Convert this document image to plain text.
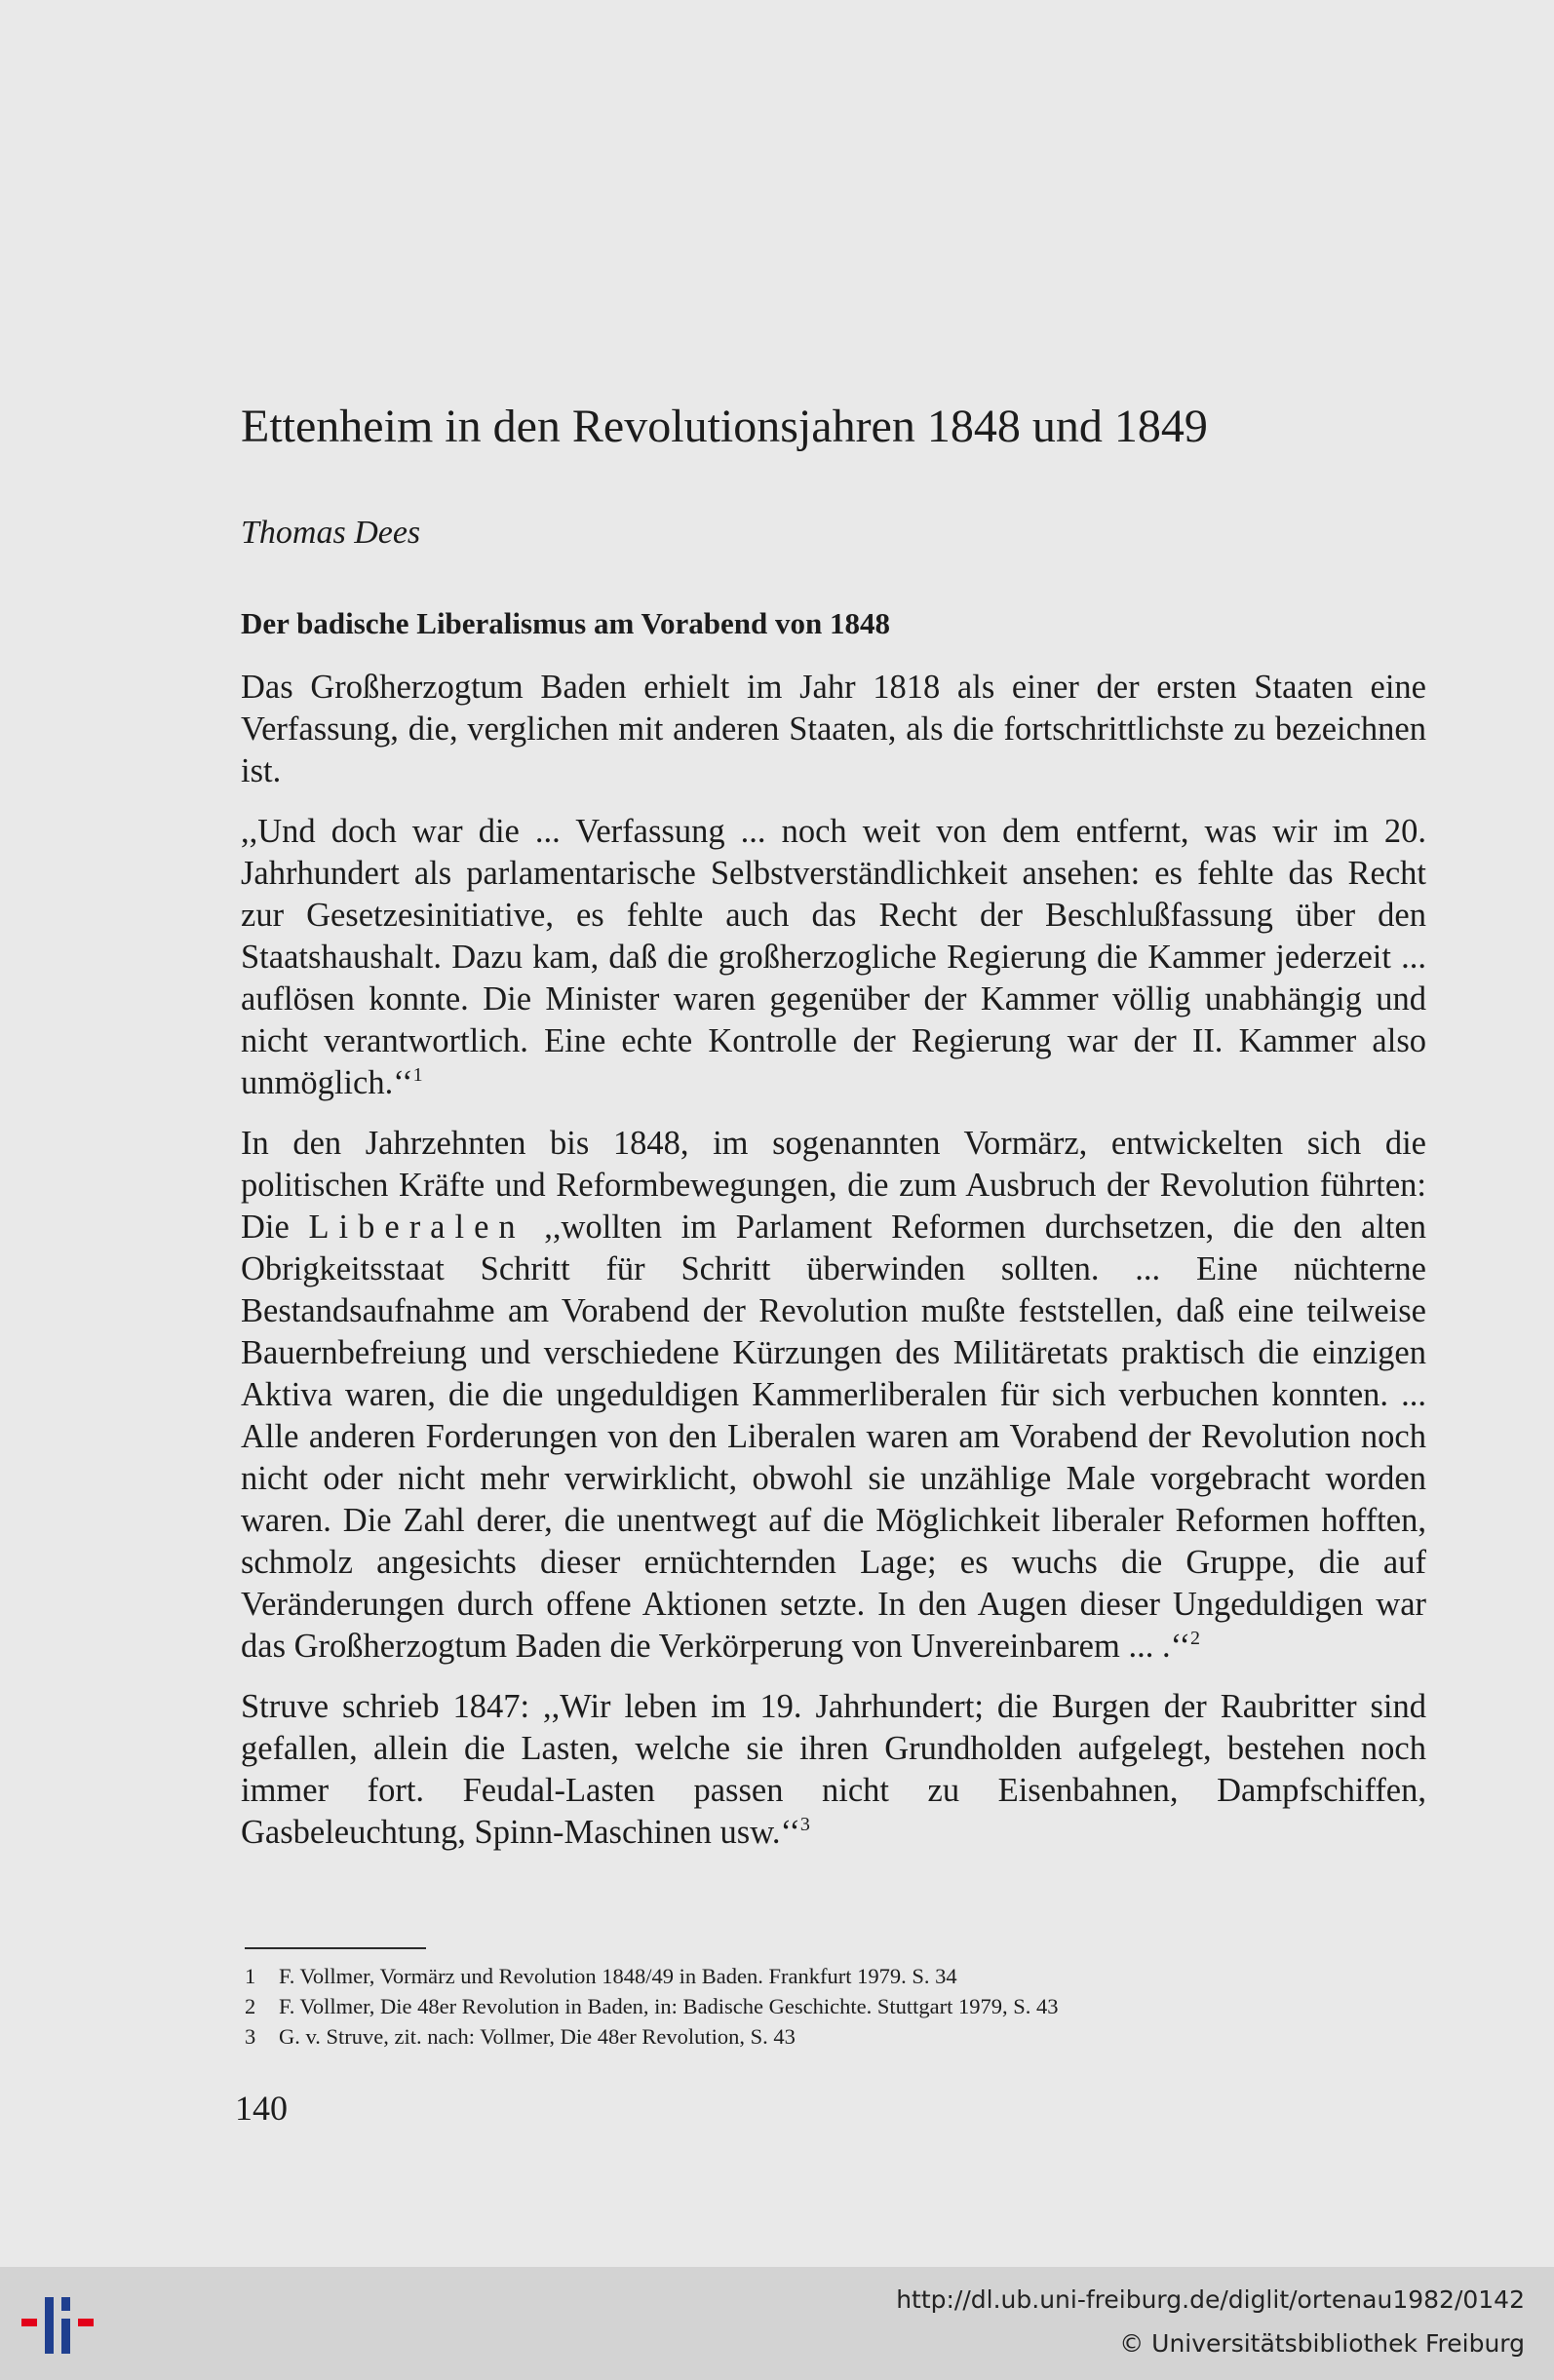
Ettenheim in den Revolutionsjahren 1848 und 1849

Thomas Dees

Der badische Liberalismus am Vorabend von 1848

Das Großherzogtum Baden erhielt im Jahr 1818 als einer der ersten Staaten eine Verfassung, die, verglichen mit anderen Staaten, als die fortschrittlichste zu bezeichnen ist.

,,Und doch war die ... Verfassung ... noch weit von dem entfernt, was wir im 20. Jahrhundert als parlamentarische Selbstverständlichkeit ansehen: es fehlte das Recht zur Gesetzesinitiative, es fehlte auch das Recht der Beschlußfassung über den Staatshaushalt. Dazu kam, daß die großherzogliche Regierung die Kammer jederzeit ... auflösen konnte. Die Minister waren gegenüber der Kammer völlig unabhängig und nicht verantwortlich. Eine echte Kontrolle der Regierung war der II. Kammer also unmöglich.‘‘$^1$

In den Jahrzehnten bis 1848, im sogenannten Vormärz, entwickelten sich die politischen Kräfte und Reformbewegungen, die zum Ausbruch der Revolution führten: Die Liberalen ,,wollten im Parlament Reformen durchsetzen, die den alten Obrigkeitsstaat Schritt für Schritt überwinden sollten. ... Eine nüchterne Bestandsaufnahme am Vorabend der Revolution mußte feststellen, daß eine teilweise Bauernbefreiung und verschiedene Kürzungen des Militäretats praktisch die einzigen Aktiva waren, die die ungeduldigen Kammerliberalen für sich verbuchen konnten. ... Alle anderen Forderungen von den Liberalen waren am Vorabend der Revolution noch nicht oder nicht mehr verwirklicht, obwohl sie unzählige Male vorgebracht worden waren. Die Zahl derer, die unentwegt auf die Möglichkeit liberaler Reformen hofften, schmolz angesichts dieser ernüchternden Lage; es wuchs die Gruppe, die auf Veränderungen durch offene Aktionen setzte. In den Augen dieser Ungeduldigen war das Großherzogtum Baden die Verkörperung von Unvereinbarem ... .‘‘$^2$

Struve schrieb 1847: ,,Wir leben im 19. Jahrhundert; die Burgen der Raubritter sind gefallen, allein die Lasten, welche sie ihren Grundholden aufgelegt, bestehen noch immer fort. Feudal-Lasten passen nicht zu Eisenbahnen, Dampfschiffen, Gasbeleuchtung, Spinn-Maschinen usw.‘‘$^3$

1	F. Vollmer, Vormärz und Revolution 1848/49 in Baden. Frankfurt 1979. S. 34
2	F. Vollmer, Die 48er Revolution in Baden, in: Badische Geschichte. Stuttgart 1979, S. 43
3	G. v. Struve, zit. nach: Vollmer, Die 48er Revolution, S. 43

140

http://dl.ub.uni-freiburg.de/diglit/ortenau1982/0142
© Universitätsbibliothek Freiburg
